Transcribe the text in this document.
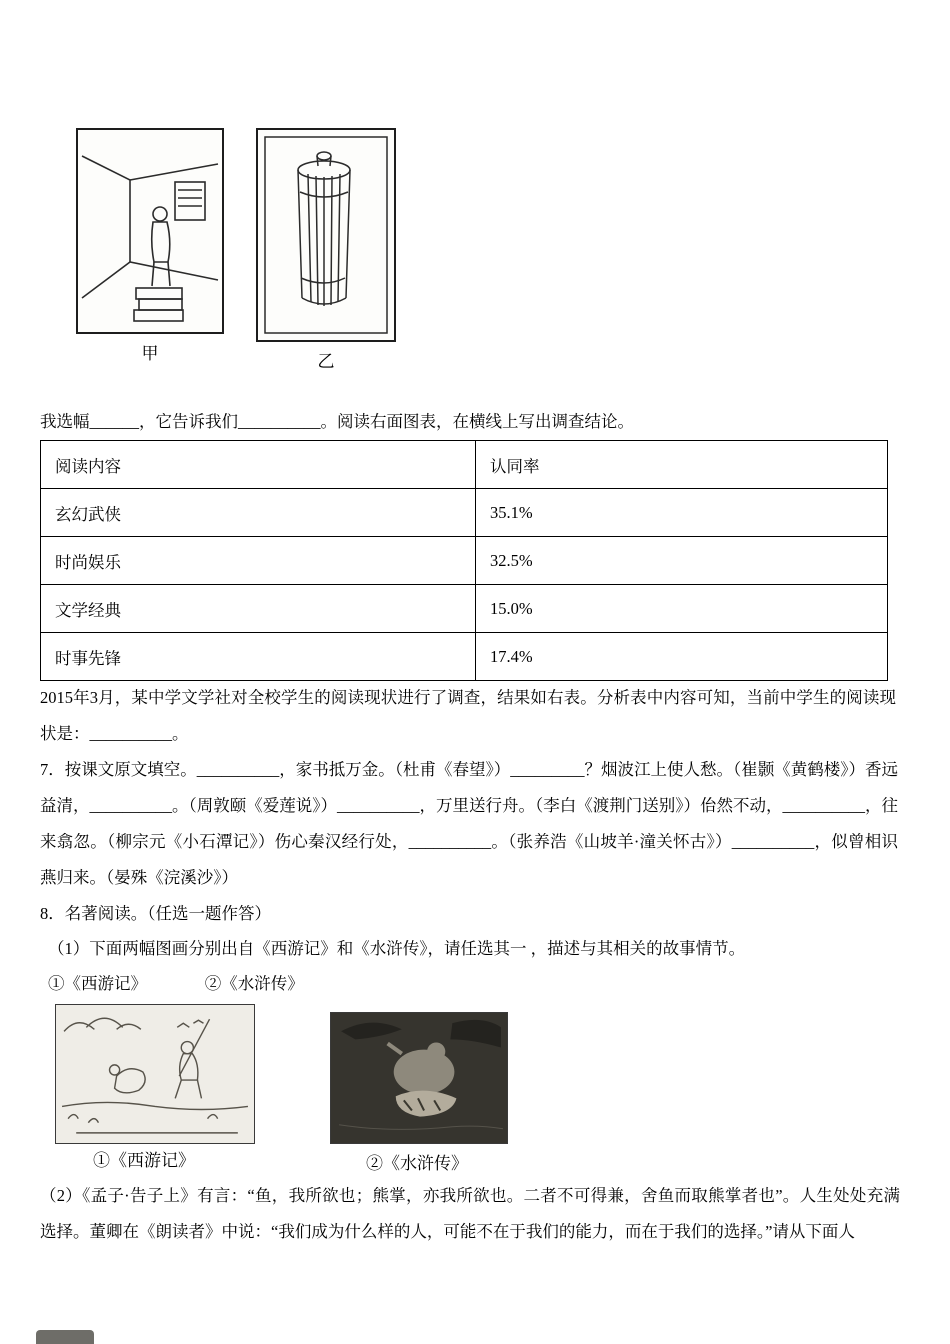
甲	乙

我选幅______，它告诉我们__________。阅读右面图表，在横线上写出调查结论。

阅读内容	认同率
玄幻武侠	35.1%
时尚娱乐	32.5%
文学经典	15.0%
时事先锋	17.4%

2015年3月，某中学文学社对全校学生的阅读现状进行了调查，结果如右表。分析表中内容可知，当前中学生的阅读现状是：__________。

7．按课文原文填空。__________，家书抵万金。（杜甫《春望》）_________？烟波江上使人愁。（崔颢《黄鹤楼》）香远益清，__________。（周敦颐《爱莲说》）__________，万里送行舟。（李白《渡荆门送别》）佁然不动，__________，往来翕忽。（柳宗元《小石潭记》）伤心秦汉经行处，__________。（张养浩《山坡羊·潼关怀古》）__________，似曾相识燕归来。（晏殊《浣溪沙》）

8．名著阅读。（任选一题作答）

（1）下面两幅图画分别出自《西游记》和《水浒传》，请任选其一 ，描述与其相关的故事情节。

①《西游记》　　　　②《水浒传》

①《西游记》	②《水浒传》

（2）《孟子·告子上》有言：“鱼，我所欲也；熊掌，亦我所欲也。二者不可得兼，舍鱼而取熊掌者也”。人生处处充满选择。董卿在《朗读者》中说：“我们成为什么样的人，可能不在于我们的能力，而在于我们的选择。”请从下面人
